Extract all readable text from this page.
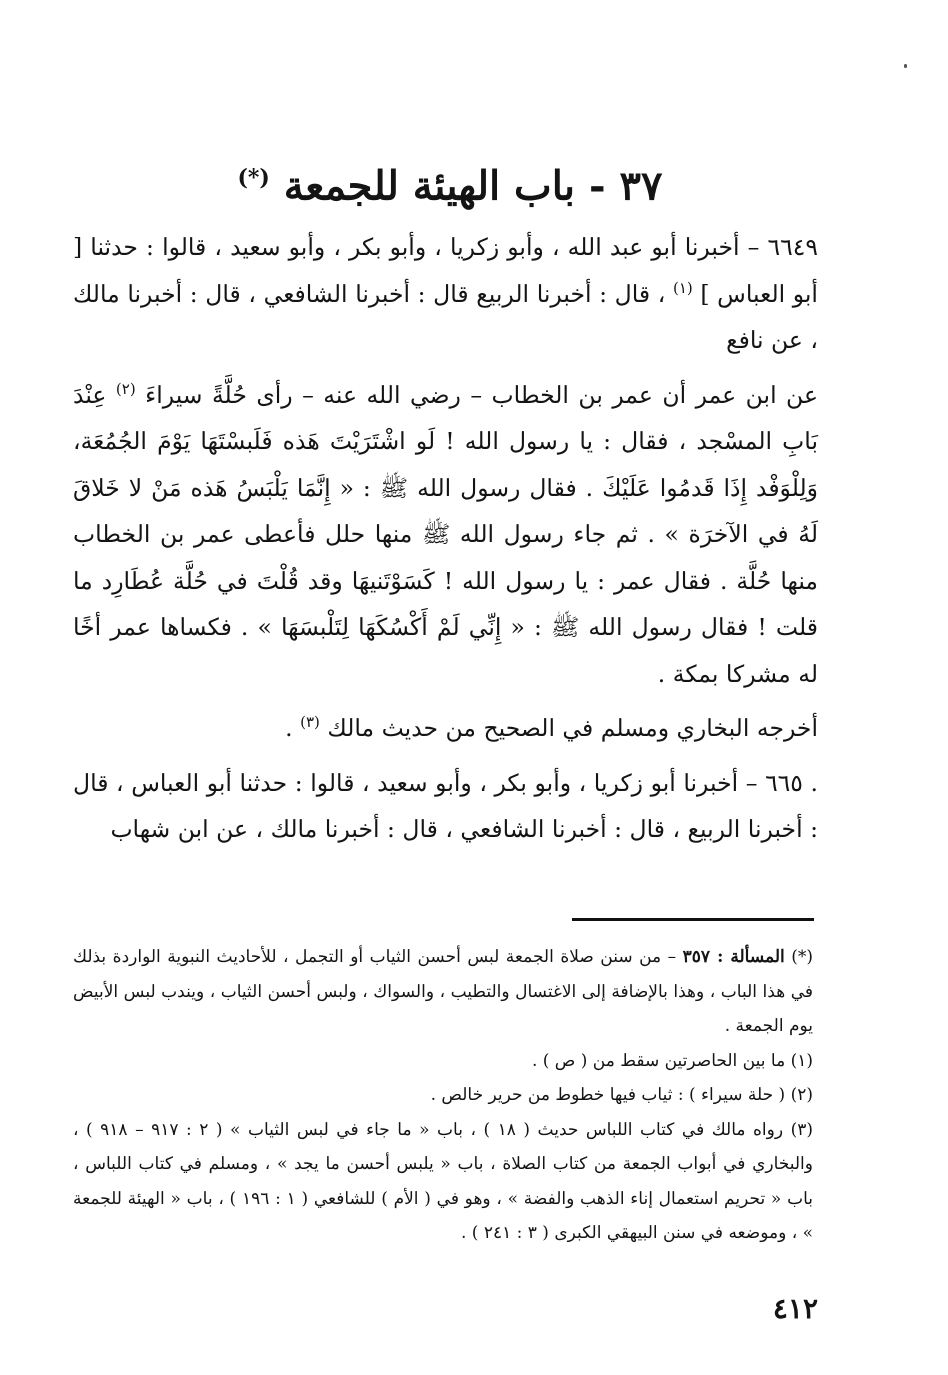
٣٧ - باب الهيئة للجمعة (*)

٦٦٤٩ – أخبرنا أبو عبد الله ، وأبو زكريا ، وأبو بكر ، وأبو سعيد ، قالوا : حدثنا [ أبو العباس ] $^{(١)}$ ، قال : أخبرنا الربيع قال : أخبرنا الشافعي ، قال : أخبرنا مالك ، عن نافع

عن ابن عمر أن عمر بن الخطاب – رضي الله عنه – رأى حُلَّةً سيراءَ $^{(٢)}$ عِنْدَ بَابِ المسْجد ، فقال : يا رسول الله ! لَو اشْتَرَيْتَ هَذه فَلَبسْتَهَا يَوْمَ الجُمُعَة، وَلِلْوَفْد إِذَا قَدمُوا عَلَيْكَ . فقال رسول الله ﷺ : « إِنَّمَا يَلْبَسُ هَذه مَنْ لا خَلاقَ لَهُ في الآخرَة » . ثم جاء رسول الله ﷺ منها حلل فأعطى عمر بن الخطاب منها حُلَّة . فقال عمر : يا رسول الله ! كَسَوْتَنيهَا وقد قُلْتَ في حُلَّة عُطَارِد ما قلت ! فقال رسول الله ﷺ : « إِنِّي لَمْ أَكْسُكَهَا لِتَلْبسَهَا » . فكساها عمر أخًا له مشركا بمكة .

أخرجه البخاري ومسلم في الصحيح من حديث مالك $^{(٣)}$ .

. ٦٦٥ – أخبرنا أبو زكريا ، وأبو بكر ، وأبو سعيد ، قالوا : حدثنا أبو العباس ، قال : أخبرنا الربيع ، قال : أخبرنا الشافعي ، قال : أخبرنا مالك ، عن ابن شهاب

(*) المسألة : ٣٥٧ – من سنن صلاة الجمعة لبس أحسن الثياب أو التجمل ، للأحاديث النبوية الواردة بذلك في هذا الباب ، وهذا بالإضافة إلى الاغتسال والتطيب ، والسواك ، ولبس أحسن الثياب ، ويندب لبس الأبيض يوم الجمعة .

(١) ما بين الحاصرتين سقط من ( ص ) .

(٢) ( حلة سيراء ) : ثياب فيها خطوط من حرير خالص .

(٣) رواه مالك في كتاب اللباس حديث ( ١٨ ) ، باب « ما جاء في لبس الثياب » ( ٢ : ٩١٧ – ٩١٨ ) ، والبخاري في أبواب الجمعة من كتاب الصلاة ، باب « يلبس أحسن ما يجد » ، ومسلم في كتاب اللباس ، باب « تحريم استعمال إناء الذهب والفضة » ، وهو في ( الأم ) للشافعي ( ١ : ١٩٦ ) ، باب « الهيئة للجمعة » ، وموضعه في سنن البيهقي الكبرى ( ٣ : ٢٤١ ) .

٤١٢
